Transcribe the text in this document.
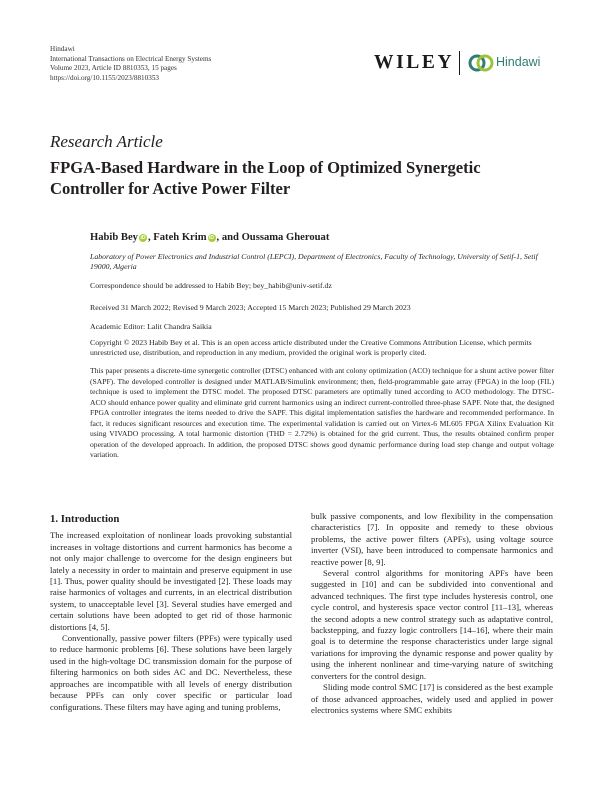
Hindawi
International Transactions on Electrical Energy Systems
Volume 2023, Article ID 8810353, 15 pages
https://doi.org/10.1155/2023/8810353
WILEY	Hindawi
Research Article
FPGA-Based Hardware in the Loop of Optimized Synergetic Controller for Active Power Filter
Habib Bey iD , Fateh Krim iD , and Oussama Gherouat
Laboratory of Power Electronics and Industrial Control (LEPCI), Department of Electronics, Faculty of Technology, University of Setif-1, Setif 19000, Algeria
Correspondence should be addressed to Habib Bey; bey_habib@univ-setif.dz
Received 31 March 2022; Revised 9 March 2023; Accepted 15 March 2023; Published 29 March 2023
Academic Editor: Lalit Chandra Saikia
Copyright © 2023 Habib Bey et al. This is an open access article distributed under the Creative Commons Attribution License, which permits unrestricted use, distribution, and reproduction in any medium, provided the original work is properly cited.
This paper presents a discrete-time synergetic controller (DTSC) enhanced with ant colony optimization (ACO) technique for a shunt active power filter (SAPF). The developed controller is designed under MATLAB/Simulink environment; then, field-programmable gate array (FPGA) in the loop (FIL) technique is used to implement the DTSC model. The proposed DTSC parameters are optimally tuned according to ACO methodology. The DTSC-ACO should enhance power quality and eliminate grid current harmonics using an indirect current-controlled three-phase SAPF. Note that, the designed FPGA controller integrates the items needed to drive the SAPF. This digital implementation satisfies the hardware and recommended performance. In fact, it reduces significant resources and execution time. The experimental validation is carried out on Virtex-6 ML605 FPGA Xilinx Evaluation Kit using VIVADO processing. A total harmonic distortion (THD = 2.72%) is obtained for the grid current. Thus, the results obtained confirm proper operation of the developed approach. In addition, the proposed DTSC shows good dynamic performance during load step change and output voltage variation.
1. Introduction

The increased exploitation of nonlinear loads provoking substantial increases in voltage distortions and current harmonics has become a not only major challenge to overcome for the design engineers but lately a necessity in order to maintain and preserve equipment in use [1]. Thus, power quality should be investigated [2]. These loads may raise harmonics of voltages and currents, in an electrical distribution system, to unacceptable level [3]. Several studies have emerged and certain solutions have been adopted to get rid of those harmonic distortions [4, 5].

Conventionally, passive power filters (PPFs) were typically used to reduce harmonic problems [6]. These solutions have been largely used in the high-voltage DC transmission domain for the purpose of filtering harmonics on both sides AC and DC. Nevertheless, these approaches are incompatible with all levels of energy distribution because PPFs can only cover specific or particular load configurations. These filters may have aging and tuning problems,

bulk passive components, and low flexibility in the compensation characteristics [7]. In opposite and remedy to these obvious problems, the active power filters (APFs), using voltage source inverter (VSI), have been introduced to compensate harmonics and reactive power [8, 9].

Several control algorithms for monitoring APFs have been suggested in [10] and can be subdivided into conventional and advanced techniques. The first type includes hysteresis control, one cycle control, and hysteresis space vector control [11–13], whereas the second adopts a new control strategy such as adaptative control, backstepping, and fuzzy logic controllers [14–16], where their main goal is to determine the response characteristics under large signal variations for improving the dynamic response and power quality by using the inherent nonlinear and time-varying nature of switching converters for the control design.

Sliding mode control SMC [17] is considered as the best example of those advanced approaches, widely used and applied in power electronics systems where SMC exhibits
